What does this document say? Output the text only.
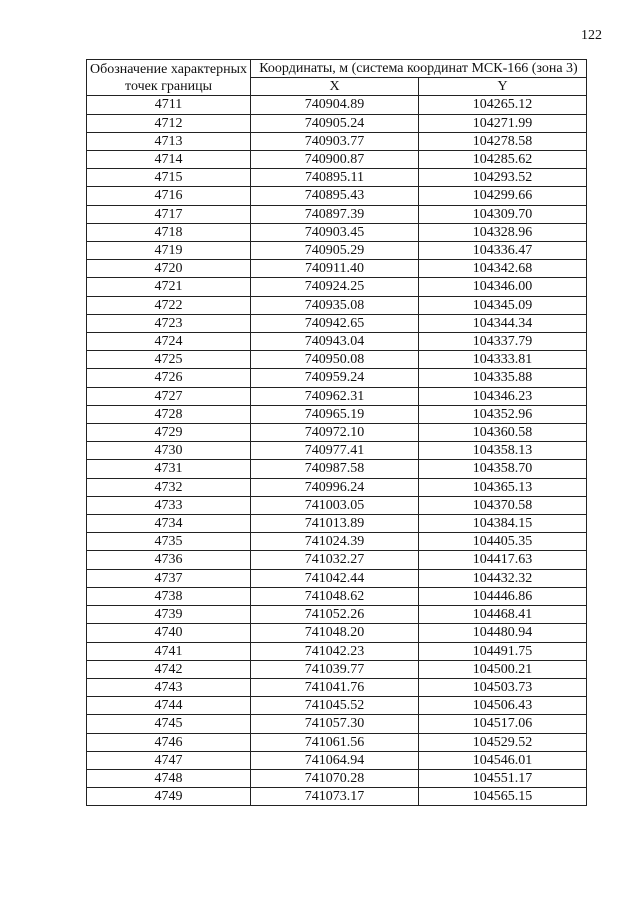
122
Обозначение характерных точек границы	Координаты, м (система координат МСК-166 (зона 3)	
	X	Y
4711	740904.89	104265.12
4712	740905.24	104271.99
4713	740903.77	104278.58
4714	740900.87	104285.62
4715	740895.11	104293.52
4716	740895.43	104299.66
4717	740897.39	104309.70
4718	740903.45	104328.96
4719	740905.29	104336.47
4720	740911.40	104342.68
4721	740924.25	104346.00
4722	740935.08	104345.09
4723	740942.65	104344.34
4724	740943.04	104337.79
4725	740950.08	104333.81
4726	740959.24	104335.88
4727	740962.31	104346.23
4728	740965.19	104352.96
4729	740972.10	104360.58
4730	740977.41	104358.13
4731	740987.58	104358.70
4732	740996.24	104365.13
4733	741003.05	104370.58
4734	741013.89	104384.15
4735	741024.39	104405.35
4736	741032.27	104417.63
4737	741042.44	104432.32
4738	741048.62	104446.86
4739	741052.26	104468.41
4740	741048.20	104480.94
4741	741042.23	104491.75
4742	741039.77	104500.21
4743	741041.76	104503.73
4744	741045.52	104506.43
4745	741057.30	104517.06
4746	741061.56	104529.52
4747	741064.94	104546.01
4748	741070.28	104551.17
4749	741073.17	104565.15
